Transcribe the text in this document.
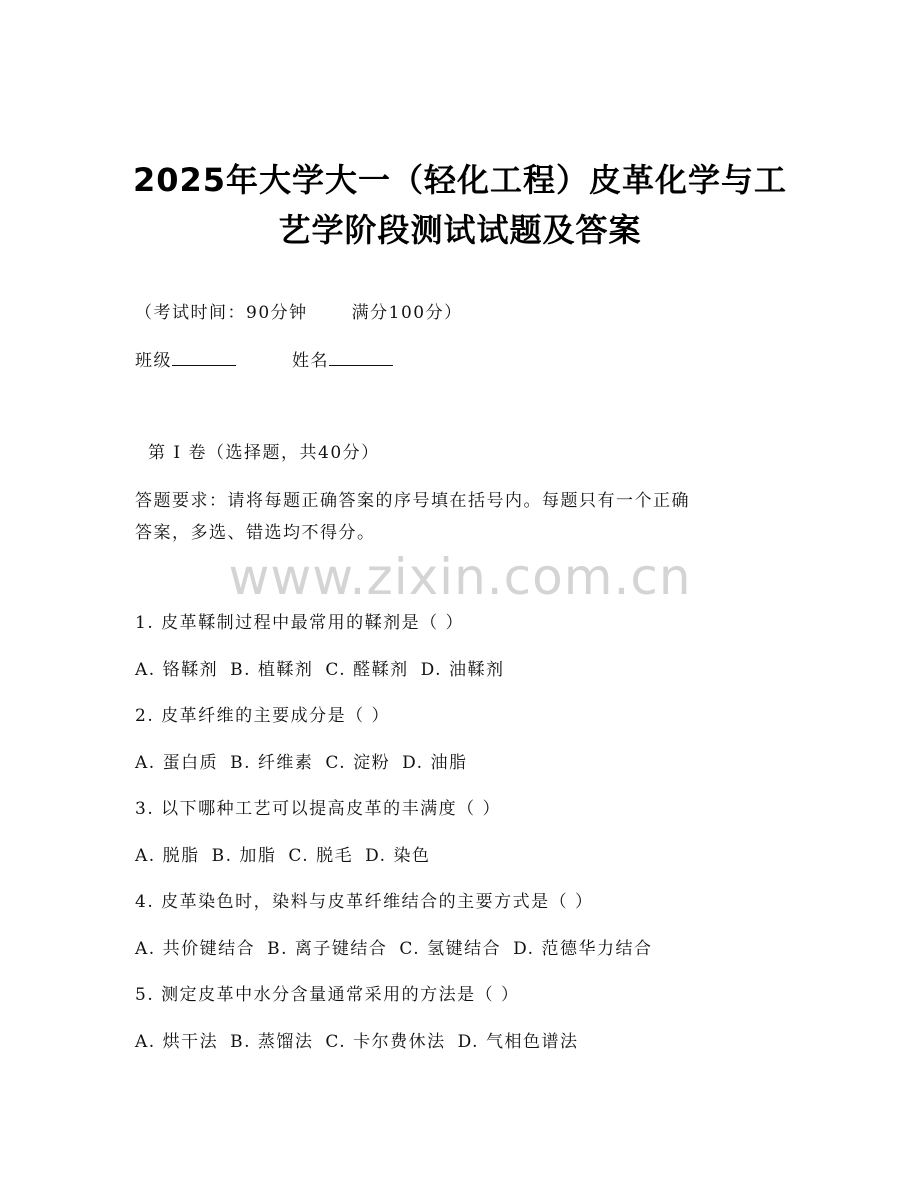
2025年大学大一（轻化工程）皮革化学与工
艺学阶段测试试题及答案
（考试时间：90分钟	满分100分）
班级	姓名
第 I 卷（选择题，共40分）
答题要求：请将每题正确答案的序号填在括号内。每题只有一个正确
答案，多选、错选均不得分。
www.zixin.com.cn
1. 皮革鞣制过程中最常用的鞣剂是（ ）
A. 铬鞣剂 B. 植鞣剂 C. 醛鞣剂 D. 油鞣剂
2. 皮革纤维的主要成分是（ ）
A. 蛋白质 B. 纤维素 C. 淀粉 D. 油脂
3. 以下哪种工艺可以提高皮革的丰满度（ ）
A. 脱脂 B. 加脂 C. 脱毛 D. 染色
4. 皮革染色时，染料与皮革纤维结合的主要方式是（ ）
A. 共价键结合 B. 离子键结合 C. 氢键结合 D. 范德华力结合
5. 测定皮革中水分含量通常采用的方法是（ ）
A. 烘干法 B. 蒸馏法 C. 卡尔费休法 D. 气相色谱法
